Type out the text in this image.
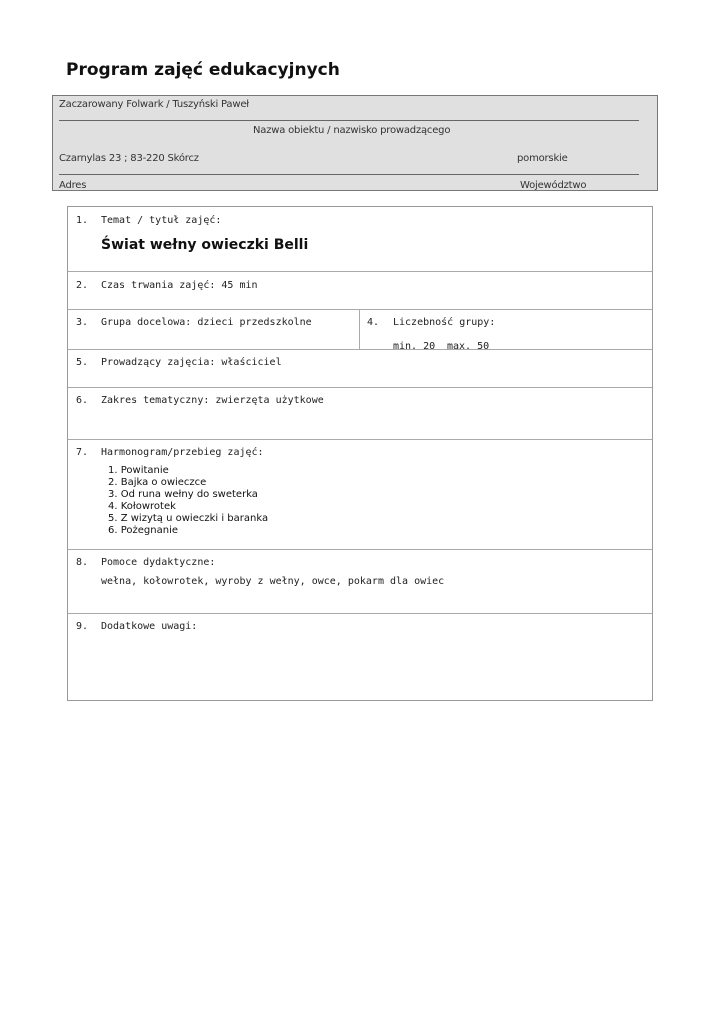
Program zajęć edukacyjnych
Zaczarowany Folwark / Tuszyński Paweł
Nazwa obiektu / nazwisko prowadzącego
Czarnylas 23 ; 83-220 Skórcz	pomorskie
Adres	Województwo
1. Temat / tytuł zajęć:
Świat wełny owieczki Belli
2. Czas trwania zajęć: 45 min
3. Grupa docelowa: dzieci przedszkolne	4. Liczebność grupy:
min. 20 max. 50
5. Prowadzący zajęcia: właściciel
6. Zakres tematyczny: zwierzęta użytkowe
7. Harmonogram/przebieg zajęć:
1. Powitanie
2. Bajka o owieczce
3. Od runa wełny do sweterka
4. Kołowrotek
5. Z wizytą u owieczki i baranka
6. Pożegnanie
8. Pomoce dydaktyczne:
wełna, kołowrotek, wyroby z wełny, owce, pokarm dla owiec
9. Dodatkowe uwagi:
